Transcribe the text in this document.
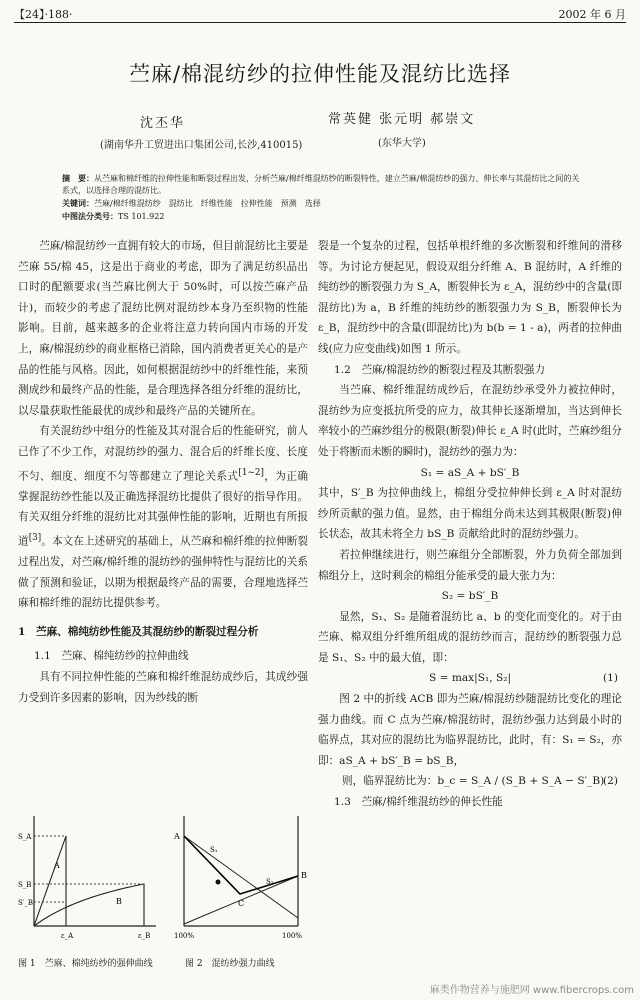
【24】·188·	2002 年 6 月
苎麻/棉混纺纱的拉伸性能及混纺比选择
沈丕华
(湖南华升工贸进出口集团公司,长沙,410015)
常英健 张元明 郝崇文
(东华大学)

摘　要：从苎麻和棉纤维的拉伸性能和断裂过程出发，分析苎麻/棉纤维混纺纱的断裂特性，建立苎麻/棉混纺纱的强力、伸长率与其混纺比之间的关系式，以选择合理的混纺比。

关键词：苎麻/棉纤维混纺纱　混纺比　纤维性能　拉伸性能　预测　选择

中图法分类号：TS 101.922

苎麻/棉混纺纱一直拥有较大的市场，但目前混纺比主要是苎麻 55/棉 45，这是出于商业的考虑，即为了满足纺织品出口时的配额要求(当苎麻比例大于 50%时，可以按苎麻产品计)，而较少的考虑了混纺比例对混纺纱本身乃至织物的性能影响。目前，越来越多的企业将注意力转向国内市场的开发上，麻/棉混纺纱的商业框格已消除，国内消费者更关心的是产品的性能与风格。因此，如何根据混纺纱中的纤维性能，来预测成纱和最终产品的性能，是合理选择各组分纤维的混纺比，以尽量获取性能最优的成纱和最终产品的关键所在。

有关混纺纱中组分的性能及其对混合后的性能研究，前人已作了不少工作，对混纺纱的强力、混合后的纤维长度、长度不匀、细度、细度不匀等都建立了理论关系式[1~2]，为正确掌握混纺纱性能以及正确选择混纺比提供了很好的指导作用。有关双组分纤维的混纺比对其强伸性能的影响，近期也有所报道[3]。本文在上述研究的基础上，从苎麻和棉纤维的拉伸断裂过程出发，对苎麻/棉纤维的混纺纱的强伸特性与混纺比的关系做了预测和验证，以期为根据最终产品的需要，合理地选择苎麻和棉纤维的混纺比提供参考。

1　苎麻、棉纯纺纱性能及其混纺纱的断裂过程分析

1.1　苎麻、棉纯纺纱的拉伸曲线

具有不同拉伸性能的苎麻和棉纤维混纺成纱后，其成纱强力受到许多因素的影响，因为纱线的断

裂是一个复杂的过程，包括单根纤维的多次断裂和纤维间的滑移等。为讨论方便起见，假设双组分纤维 A、B 混纺时，A 纤维的纯纺纱的断裂强力为 S_A，断裂伸长为 ε_A，混纺纱中的含量(即混纺比)为 a，B 纤维的纯纺纱的断裂强力为 S_B，断裂伸长为 ε_B，混纺纱中的含量(即混纺比)为 b(b = 1 - a)，两者的拉伸曲线(应力应变曲线)如图 1 所示。

1.2　苎麻/棉混纺纱的断裂过程及其断裂强力

当苎麻、棉纤维混纺成纱后，在混纺纱承受外力被拉伸时，混纺纱为应变抵抗所受的应力，故其伸长逐渐增加，当达到伸长率较小的苎麻纱组分的极限(断裂)伸长 ε_A 时(此时，苎麻纱组分处于将断而未断的瞬时)，混纺纱的强力为：

S₁ = aS_A + bS′_B

其中，S′_B 为拉伸曲线上，棉组分受拉伸伸长到 ε_A 时对混纺纱所贡献的强力值。显然，由于棉组分尚未达到其极限(断裂)伸长状态，故其未将全力 bS_B 贡献给此时的混纺纱强力。

若拉伸继续进行，则苎麻组分全部断裂，外力负荷全部加到棉组分上，这时剩余的棉组分能承受的最大张力为：

S₂ = bS′_B

显然，S₁、S₂ 是随着混纺比 a、b 的变化而变化的。对于由苎麻、棉双组分纤维所组成的混纺纱而言，混纺纱的断裂强力总是 S₁、S₂ 中的最大值，即：

S = max|S₁, S₂|	(1)

图 2 中的折线 ACB 即为苎麻/棉混纺纱随混纺比变化的理论强力曲线。而 C 点为苎麻/棉混纺时，混纺纱强力达到最小时的临界点，其对应的混纺比为临界混纺比，此时，有：S₁ = S₂，亦即：aS_A + bS′_B = bS_B，

则，临界混纺比为：b_c = S_A / (S_B + S_A − S′_B)
(2)

1.3　苎麻/棉纤维混纺纱的伸长性能

S_A
S_B
S′_B
A
B
ε_A	ε_B
图 1　苎麻、棉纯纺纱的强伸曲线
A
B
C
S₁
S₂
100%	100%
图 2　混纺纱强力曲线
麻类作物营养与施肥网 www.fibercrops.com
